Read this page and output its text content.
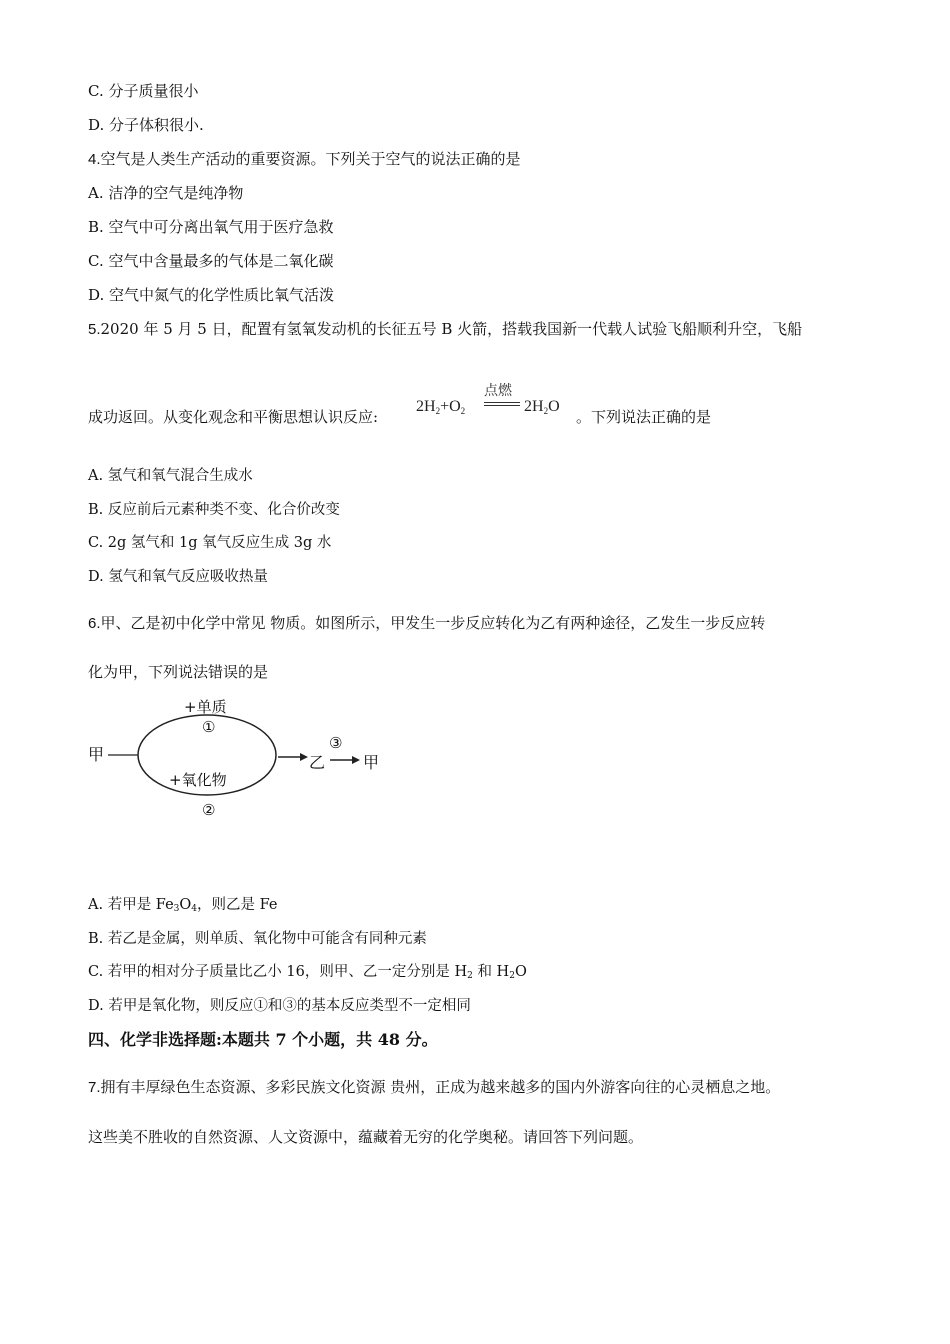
C. 分子质量很小
D. 分子体积很小.
4.空气是人类生产活动的重要资源。下列关于空气的说法正确的是
A. 洁净的空气是纯净物
B. 空气中可分离出氧气用于医疗急救
C. 空气中含量最多的气体是二氧化碳
D. 空气中氮气的化学性质比氧气活泼
5.2020 年 5 月 5 日，配置有氢氧发动机的长征五号 B 火箭，搭载我国新一代载人试验飞船顺利升空，飞船
成功返回。从变化观念和平衡思想认识反应:
$2H_2+O_2$
点燃
$2H_2O$
。下列说法正确的是
A. 氢气和氧气混合生成水
B. 反应前后元素种类不变、化合价改变
C. 2g 氢气和 1g 氧气反应生成 3g 水
D. 氢气和氧气反应吸收热量
6.甲、乙是初中化学中常见 物质。如图所示，甲发生一步反应转化为乙有两种途径，乙发生一步反应转
化为甲，下列说法错误的是
甲
+单质
①
+氧化物
②
乙
③
甲
A. 若甲是 Fe3O4，则乙是 Fe
B. 若乙是金属，则单质、氧化物中可能含有同种元素
C. 若甲的相对分子质量比乙小 16，则甲、乙一定分别是 H2 和 H2O
D. 若甲是氧化物，则反应①和③的基本反应类型不一定相同
四、化学非选择题:本题共 7 个小题，共 48 分。
7.拥有丰厚绿色生态资源、多彩民族文化资源 贵州，正成为越来越多的国内外游客向往的心灵栖息之地。
这些美不胜收的自然资源、人文资源中，蕴藏着无穷的化学奥秘。请回答下列问题。
